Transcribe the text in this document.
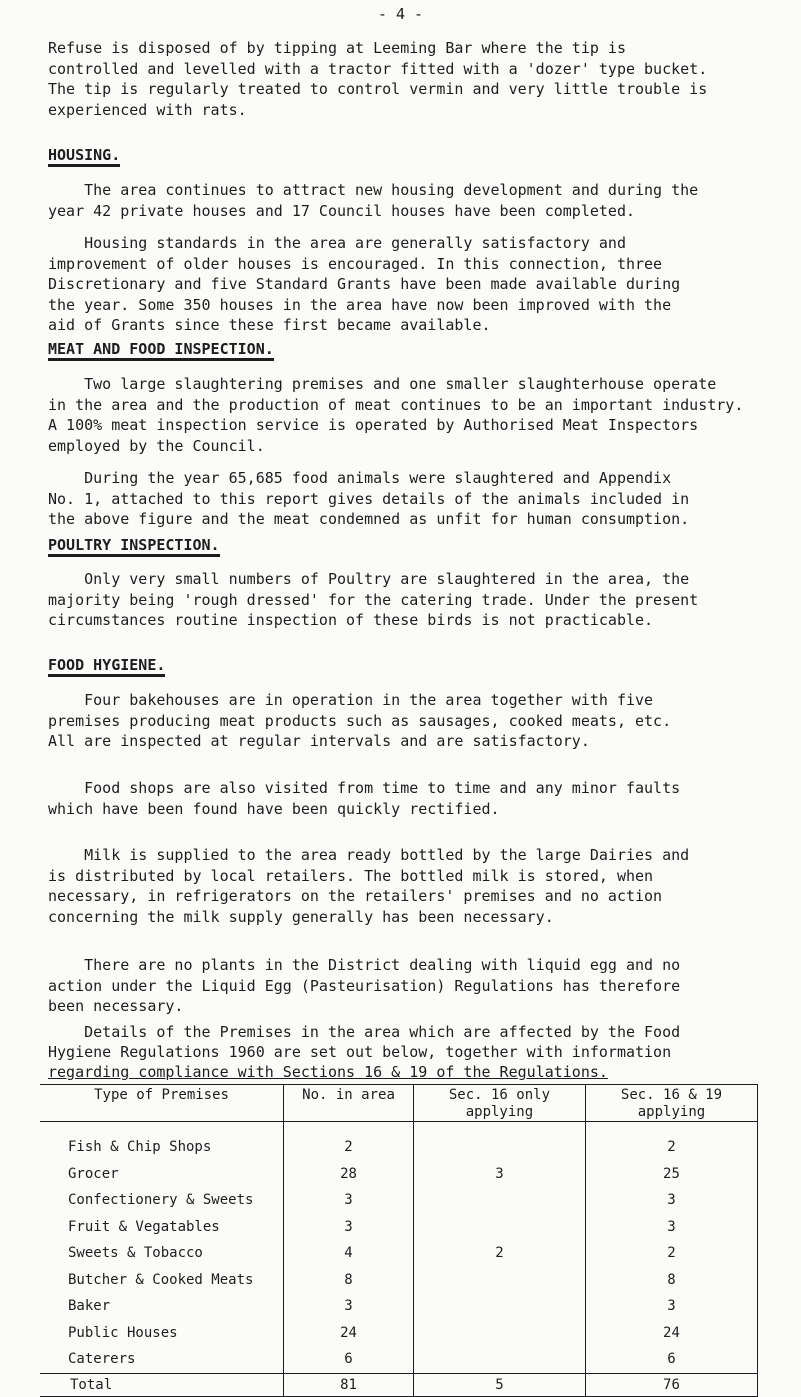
- 4 -

Refuse is disposed of by tipping at Leeming Bar where the tip is
controlled and levelled with a tractor fitted with a 'dozer' type bucket.
The tip is regularly treated to control vermin and very little trouble is
experienced with rats.

HOUSING.

The area continues to attract new housing development and during the
year 42 private houses and 17 Council houses have been completed.

Housing standards in the area are generally satisfactory and
improvement of older houses is encouraged. In this connection, three
Discretionary and five Standard Grants have been made available during
the year. Some 350 houses in the area have now been improved with the
aid of Grants since these first became available.

MEAT AND FOOD INSPECTION.

Two large slaughtering premises and one smaller slaughterhouse operate
in the area and the production of meat continues to be an important industry.
A 100% meat inspection service is operated by Authorised Meat Inspectors
employed by the Council.

During the year 65,685 food animals were slaughtered and Appendix
No. 1, attached to this report gives details of the animals included in
the above figure and the meat condemned as unfit for human consumption.

POULTRY INSPECTION.

Only very small numbers of Poultry are slaughtered in the area, the
majority being 'rough dressed' for the catering trade. Under the present
circumstances routine inspection of these birds is not practicable.

FOOD HYGIENE.

Four bakehouses are in operation in the area together with five
premises producing meat products such as sausages, cooked meats, etc.
All are inspected at regular intervals and are satisfactory.

Food shops are also visited from time to time and any minor faults
which have been found have been quickly rectified.

Milk is supplied to the area ready bottled by the large Dairies and
is distributed by local retailers. The bottled milk is stored, when
necessary, in refrigerators on the retailers' premises and no action
concerning the milk supply generally has been necessary.

There are no plants in the District dealing with liquid egg and no
action under the Liquid Egg (Pasteurisation) Regulations has therefore
been necessary.

Details of the Premises in the area which are affected by the Food

Hygiene Regulations 1960 are set out below, together with information

regarding compliance with Sections 16 & 19 of the Regulations.

Type of Premises	No. in area	Sec. 16 only applying	Sec. 16 & 19 applying
Fish & Chip Shops	2		2
Grocer	28	3	25
Confectionery & Sweets	3		3
Fruit & Vegatables	3		3
Sweets & Tobacco	4	2	2
Butcher & Cooked Meats	8		8
Baker	3		3
Public Houses	24		24
Caterers	6		6
Total	81	5	76
